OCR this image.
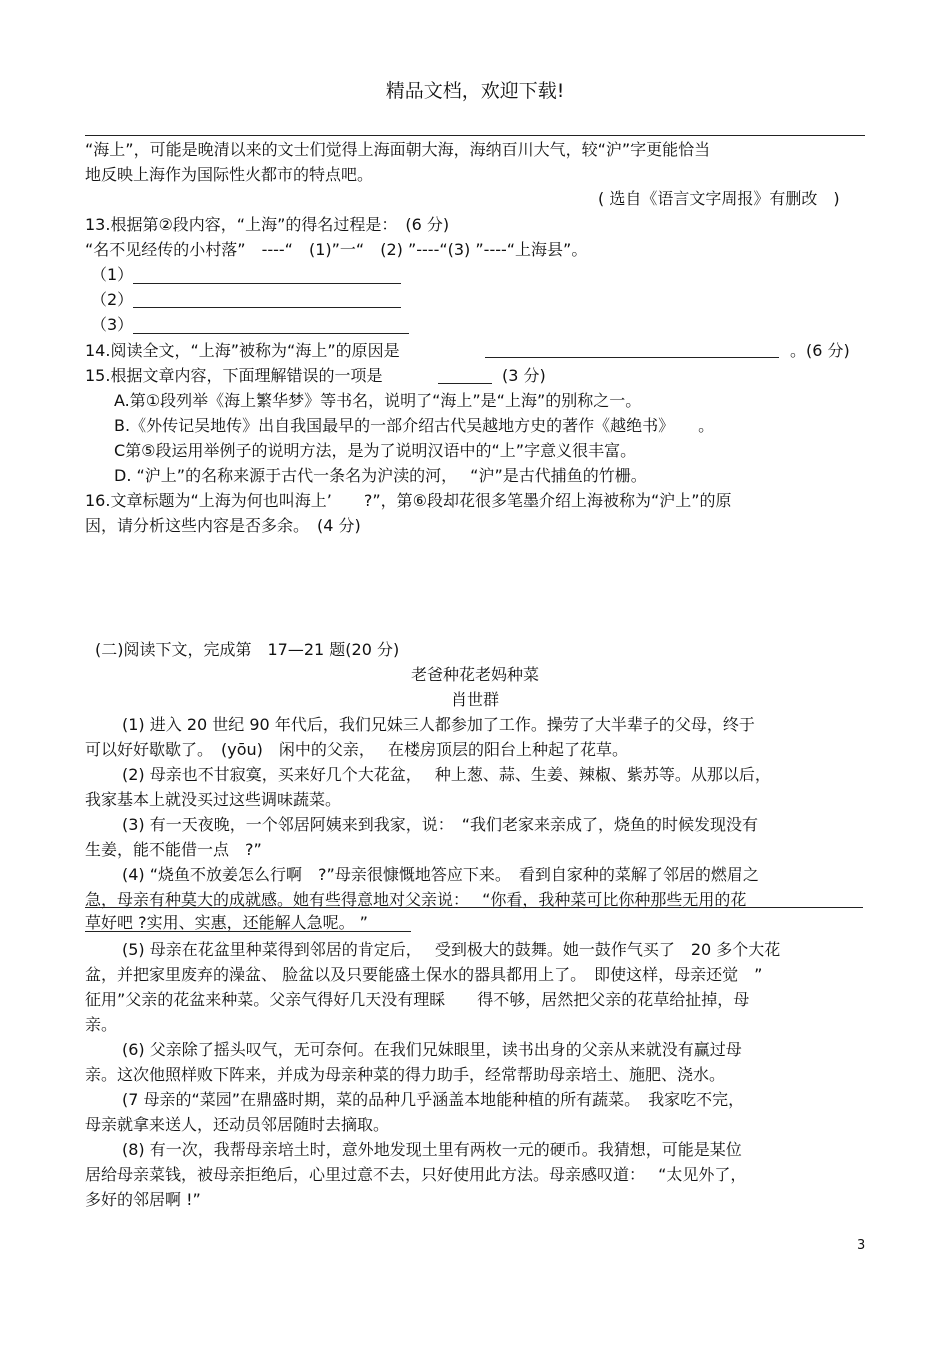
精品文档，欢迎下载!
“海上”，可能是晚清以来的文士们觉得上海面朝大海，海纳百川大气，较“沪”字更能恰当
地反映上海作为国际性火都市的特点吧。
( 选自《语言文字周报》有删改　)
13.根据第②段内容，“上海”的得名过程是：　(6 分)
“名不见经传的小村落”　----“　(1)”一“　(2) ”----“(3) ”----“上海县”。
（1）
（2）
（3）
14.阅读全文，“上海”被称为“海上”的原因是	。(6 分)
15.根据文章内容，下面理解错误的一项是	(3 分)
A.第①段列举《海上繁华梦》等书名，说明了“海上”是“上海”的别称之一。
B.《外传记吴地传》出自我国最早的一部介绍古代吴越地方史的著作《越绝书》　　。
C第⑤段运用举例子的说明方法，是为了说明汉语中的“上”字意义很丰富。
D. “沪上”的名称来源于古代一条名为沪渎的河，　 “沪”是古代捕鱼的竹栅。
16.文章标题为“上海为何也叫海上’　　?”，第⑥段却花很多笔墨介绍上海被称为“沪上”的原
因，请分析这些内容是否多余。　(4 分)
(二)阅读下文，完成第　17—21 题(20 分)
老爸种花老妈种菜
肖世群
(1) 进入 20 世纪 90 年代后，我们兄妹三人都参加了工作。操劳了大半辈子的父母，终于
可以好好歇歇了。　(yōu)　闲中的父亲，　 在楼房顶层的阳台上种起了花草。
(2) 母亲也不甘寂寞，买来好几个大花盆，　 种上葱、蒜、生姜、辣椒、紫苏等。从那以后，
我家基本上就没买过这些调味蔬菜。
(3) 有一天夜晚，一个邻居阿姨来到我家，说：　“我们老家来亲成了，烧鱼的时候发现没有
生姜，能不能借一点　?”
(4) “烧鱼不放姜怎么行啊　?”母亲很慷慨地答应下来。　看到自家种的菜解了邻居的燃眉之
急，母亲有种莫大的成就感。她有些得意地对父亲说：　 “你看，我种菜可比你种那些无用的花
草好吧 ?实用、实惠，还能解人急呢。 ”
(5) 母亲在花盆里种菜得到邻居的肯定后，　 受到极大的鼓舞。她一鼓作气买了　20 多个大花
盆，并把家里废弃的澡盆、 脸盆以及只要能盛土保水的器具都用上了。　即使这样，母亲还觉　”
征用”父亲的花盆来种菜。父亲气得好几天没有理睬　　得不够，居然把父亲的花草给扯掉，母
亲。
(6) 父亲除了摇头叹气，无可奈何。在我们兄妹眼里，读书出身的父亲从来就没有赢过母
亲。这次他照样败下阵来，并成为母亲种菜的得力助手，经常帮助母亲培土、施肥、浇水。
(7 母亲的“菜园”在鼎盛时期，菜的品种几乎涵盖本地能种植的所有蔬菜。　我家吃不完，
母亲就拿来送人，还动员邻居随时去摘取。
(8) 有一次，我帮母亲培土时，意外地发现土里有两枚一元的硬币。我猜想，可能是某位
居给母亲菜钱，被母亲拒绝后，心里过意不去，只好使用此方法。母亲感叹道：　 “太见外了，
多好的邻居啊 !”
3
